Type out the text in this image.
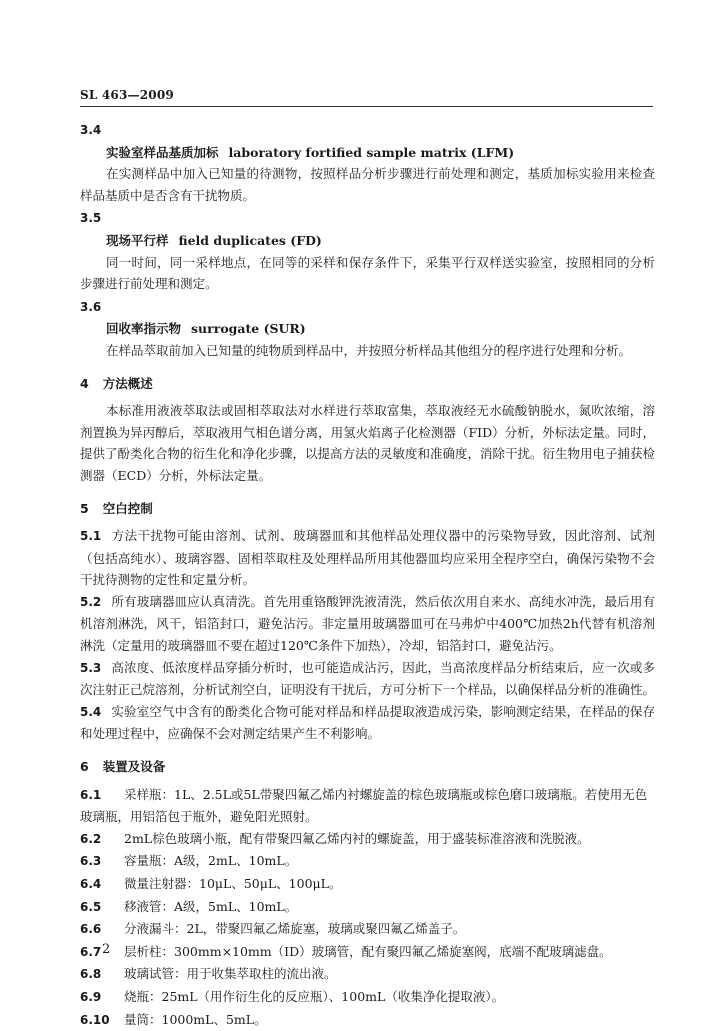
SL 463—2009
3.4
实验室样品基质加标 laboratory fortified sample matrix (LFM)
在实测样品中加入已知量的待测物，按照样品分析步骤进行前处理和测定，基质加标实验用来检查样品基质中是否含有干扰物质。
3.5
现场平行样 field duplicates (FD)
同一时间，同一采样地点，在同等的采样和保存条件下，采集平行双样送实验室，按照相同的分析步骤进行前处理和测定。
3.6
回收率指示物 surrogate (SUR)
在样品萃取前加入已知量的纯物质到样品中，并按照分析样品其他组分的程序进行处理和分析。
4 方法概述
本标准用液液萃取法或固相萃取法对水样进行萃取富集，萃取液经无水硫酸钠脱水，氮吹浓缩，溶剂置换为异丙醇后，萃取液用气相色谱分离，用氢火焰离子化检测器（FID）分析，外标法定量。同时，提供了酚类化合物的衍生化和净化步骤，以提高方法的灵敏度和准确度，消除干扰。衍生物用电子捕获检测器（ECD）分析，外标法定量。
5 空白控制
5.1 方法干扰物可能由溶剂、试剂、玻璃器皿和其他样品处理仪器中的污染物导致，因此溶剂、试剂（包括高纯水）、玻璃容器、固相萃取柱及处理样品所用其他器皿均应采用全程序空白，确保污染物不会干扰待测物的定性和定量分析。
5.2 所有玻璃器皿应认真清洗。首先用重铬酸钾洗液清洗，然后依次用自来水、高纯水冲洗，最后用有机溶剂淋洗，风干，铝箔封口，避免沾污。非定量用玻璃器皿可在马弗炉中400℃加热2h代替有机溶剂淋洗（定量用的玻璃器皿不要在超过120℃条件下加热），冷却，铝箔封口，避免沾污。
5.3 高浓度、低浓度样品穿插分析时，也可能造成沾污，因此，当高浓度样品分析结束后，应一次或多次注射正己烷溶剂，分析试剂空白，证明没有干扰后，方可分析下一个样品，以确保样品分析的准确性。
5.4 实验室空气中含有的酚类化合物可能对样品和样品提取液造成污染，影响测定结果，在样品的保存和处理过程中，应确保不会对测定结果产生不利影响。
6 装置及设备
6.1 采样瓶：1L、2.5L或5L带聚四氟乙烯内衬螺旋盖的棕色玻璃瓶或棕色磨口玻璃瓶。若使用无色玻璃瓶，用铝箔包于瓶外，避免阳光照射。
6.2 2mL棕色玻璃小瓶，配有带聚四氟乙烯内衬的螺旋盖，用于盛装标准溶液和洗脱液。
6.3 容量瓶：A级，2mL、10mL。
6.4 微量注射器：10μL、50μL、100μL。
6.5 移液管：A级，5mL、10mL。
6.6 分液漏斗：2L，带聚四氟乙烯旋塞，玻璃或聚四氟乙烯盖子。
6.7 层析柱：300mm×10mm（ID）玻璃管，配有聚四氟乙烯旋塞阀，底端不配玻璃滤盘。
6.8 玻璃试管：用于收集萃取柱的流出液。
6.9 烧瓶：25mL（用作衍生化的反应瓶）、100mL（收集净化提取液）。
6.10 量筒：1000mL、5mL。
2
